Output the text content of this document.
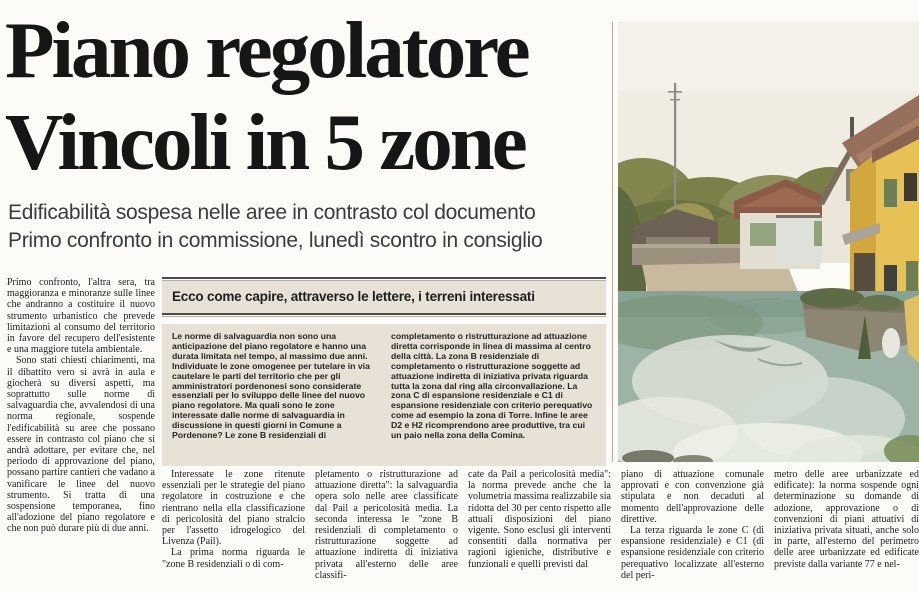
Piano regolatore
Vincoli in 5 zone
Edificabilità sospesa nelle aree in contrasto col documento
Primo confronto in commissione, lunedì scontro in consiglio

Primo confronto, l'altra sera, tra maggioranza e minoranze sulle linee che andranno a costituire il nuovo strumento urbanistico che prevede limitazioni al consumo del territorio in favore del recupero dell'esistente e una maggiore tutela ambientale.

Sono stati chiesti chiarimenti, ma il dibattito vero si avrà in aula e giocherà su diversi aspetti, ma soprattutto sulle norme di salvaguardia che, avvalendosi di una norma regionale, sospende l'edificabilità su aree che possano essere in contrasto col piano che si andrà adottare, per evitare che, nel periodo di approvazione del piano, possano partire cantieri che vadano a vanificare le linee del nuovo strumento. Si tratta di una sospensione temporanea, fino all'adozione del piano regolatore e che non può durare più di due anni.

Ecco come capire, attraverso le lettere, i terreni interessati
Le norme di salvaguardia non sono una anticipazione del piano regolatore e hanno una durata limitata nel tempo, al massimo due anni. Individuate le zone omogenee per tutelare in via cautelare le parti del territorio che per gli amministratori pordenonesi sono considerate essenziali per lo sviluppo delle linee del nuovo piano regolatore. Ma quali sono le zone interessate dalle norme di salvaguardia in discussione in questi giorni in Comune a Pordenone? Le zone B residenziali di
completamento o ristrutturazione ad attuazione diretta corrisponde in linea di massima al centro della città. La zona B residenziale di completamento o ristrutturazione soggette ad attuazione indiretta di iniziativa privata riguarda tutta la zona dal ring alla circonvallazione. La zona C di espansione residenziale e C1 di espansione residenziale con criterio perequativo come ad esempio la zona di Torre. Infine le aree D2 e H2 ricomprendono aree produttive, tra cui un paio nella zona della Comina.

Interessate le zone ritenute essenziali per le strategie del piano regolatore in costruzione e che rientrano nella ella classificazione di pericolosità del piano stralcio per l'assetto idrogelogico del Livenza (Pail).

La prima norma riguarda le "zone B residenziali o di com-

pletamento o ristrutturazione ad attuazione diretta": la salvaguardia opera solo nelle aree classificate dal Pail a pericolosità media. La seconda interessa le "zone B residenziali di completamento o ristrutturazione soggette ad attuazione indiretta di iniziativa privata all'esterno delle aree classifi-

cate da Pail a pericolosità media": la norma prevede anche che la volumetria massima realizzabile sia ridotta del 30 per cento rispetto alle attuali disposizioni del piano vigente. Sono esclusi gli interventi consentiti dalla normativa per ragioni igieniche, distributive e funzionali e quelli previsti dal

piano di attuazione comunale approvati e con convenzione già stipulata e non decaduti al momento dell'approvazione delle direttive.

La terza riguarda le zone C (di espansione residenziale) e C1 (di espansione residenziale con criterio perequativo localizzate all'esterno del peri-

metro delle aree urbanizzate ed edificate): la norma sospende ogni determinazione su domande di adozione, approvazione o di convenzioni di piani attuativi di iniziativa privata situati, anche solo in parte, all'esterno del perimetro delle aree urbanizzate ed edificate previste dalla variante 77 e nel-
